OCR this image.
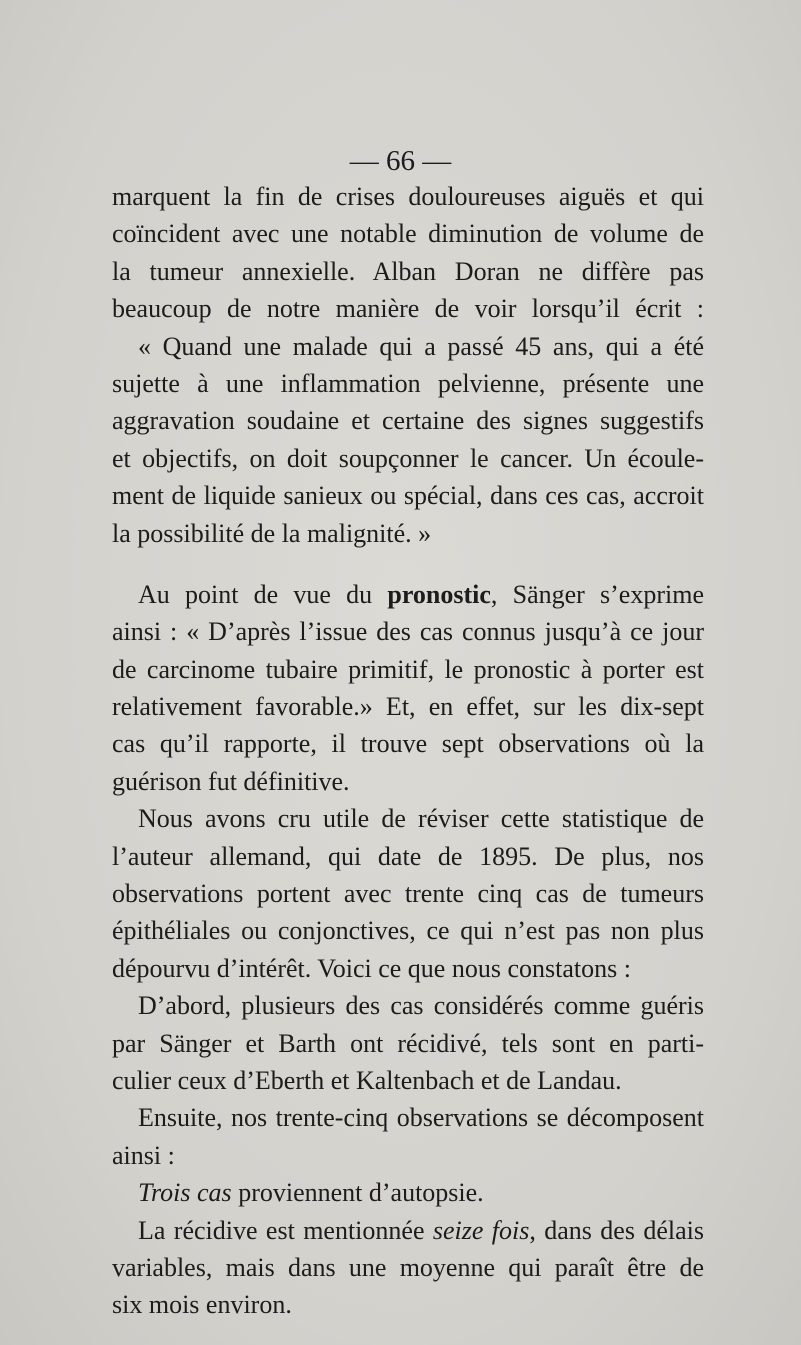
— 66 —
marquent la fin de crises douloureuses aiguës et qui
coïncident avec une notable diminution de volume de
la tumeur annexielle. Alban Doran ne diffère pas
beaucoup de notre manière de voir lorsqu’il écrit :
« Quand une malade qui a passé 45 ans, qui a été
sujette à une inflammation pelvienne, présente une
aggravation soudaine et certaine des signes suggestifs
et objectifs, on doit soupçonner le cancer. Un écoule-
ment de liquide sanieux ou spécial, dans ces cas, accroit
la possibilité de la malignité. »
Au point de vue du pronostic, Sänger s’exprime
ainsi : « D’après l’issue des cas connus jusqu’à ce jour
de carcinome tubaire primitif, le pronostic à porter est
relativement favorable.» Et, en effet, sur les dix-sept
cas qu’il rapporte, il trouve sept observations où la
guérison fut définitive.
Nous avons cru utile de réviser cette statistique de
l’auteur allemand, qui date de 1895. De plus, nos
observations portent avec trente cinq cas de tumeurs
épithéliales ou conjonctives, ce qui n’est pas non plus
dépourvu d’intérêt. Voici ce que nous constatons :
D’abord, plusieurs des cas considérés comme guéris
par Sänger et Barth ont récidivé, tels sont en parti-
culier ceux d’Eberth et Kaltenbach et de Landau.
Ensuite, nos trente-cinq observations se décomposent
ainsi :
Trois cas proviennent d’autopsie.
La récidive est mentionnée seize fois, dans des délais
variables, mais dans une moyenne qui paraît être de
six mois environ.
